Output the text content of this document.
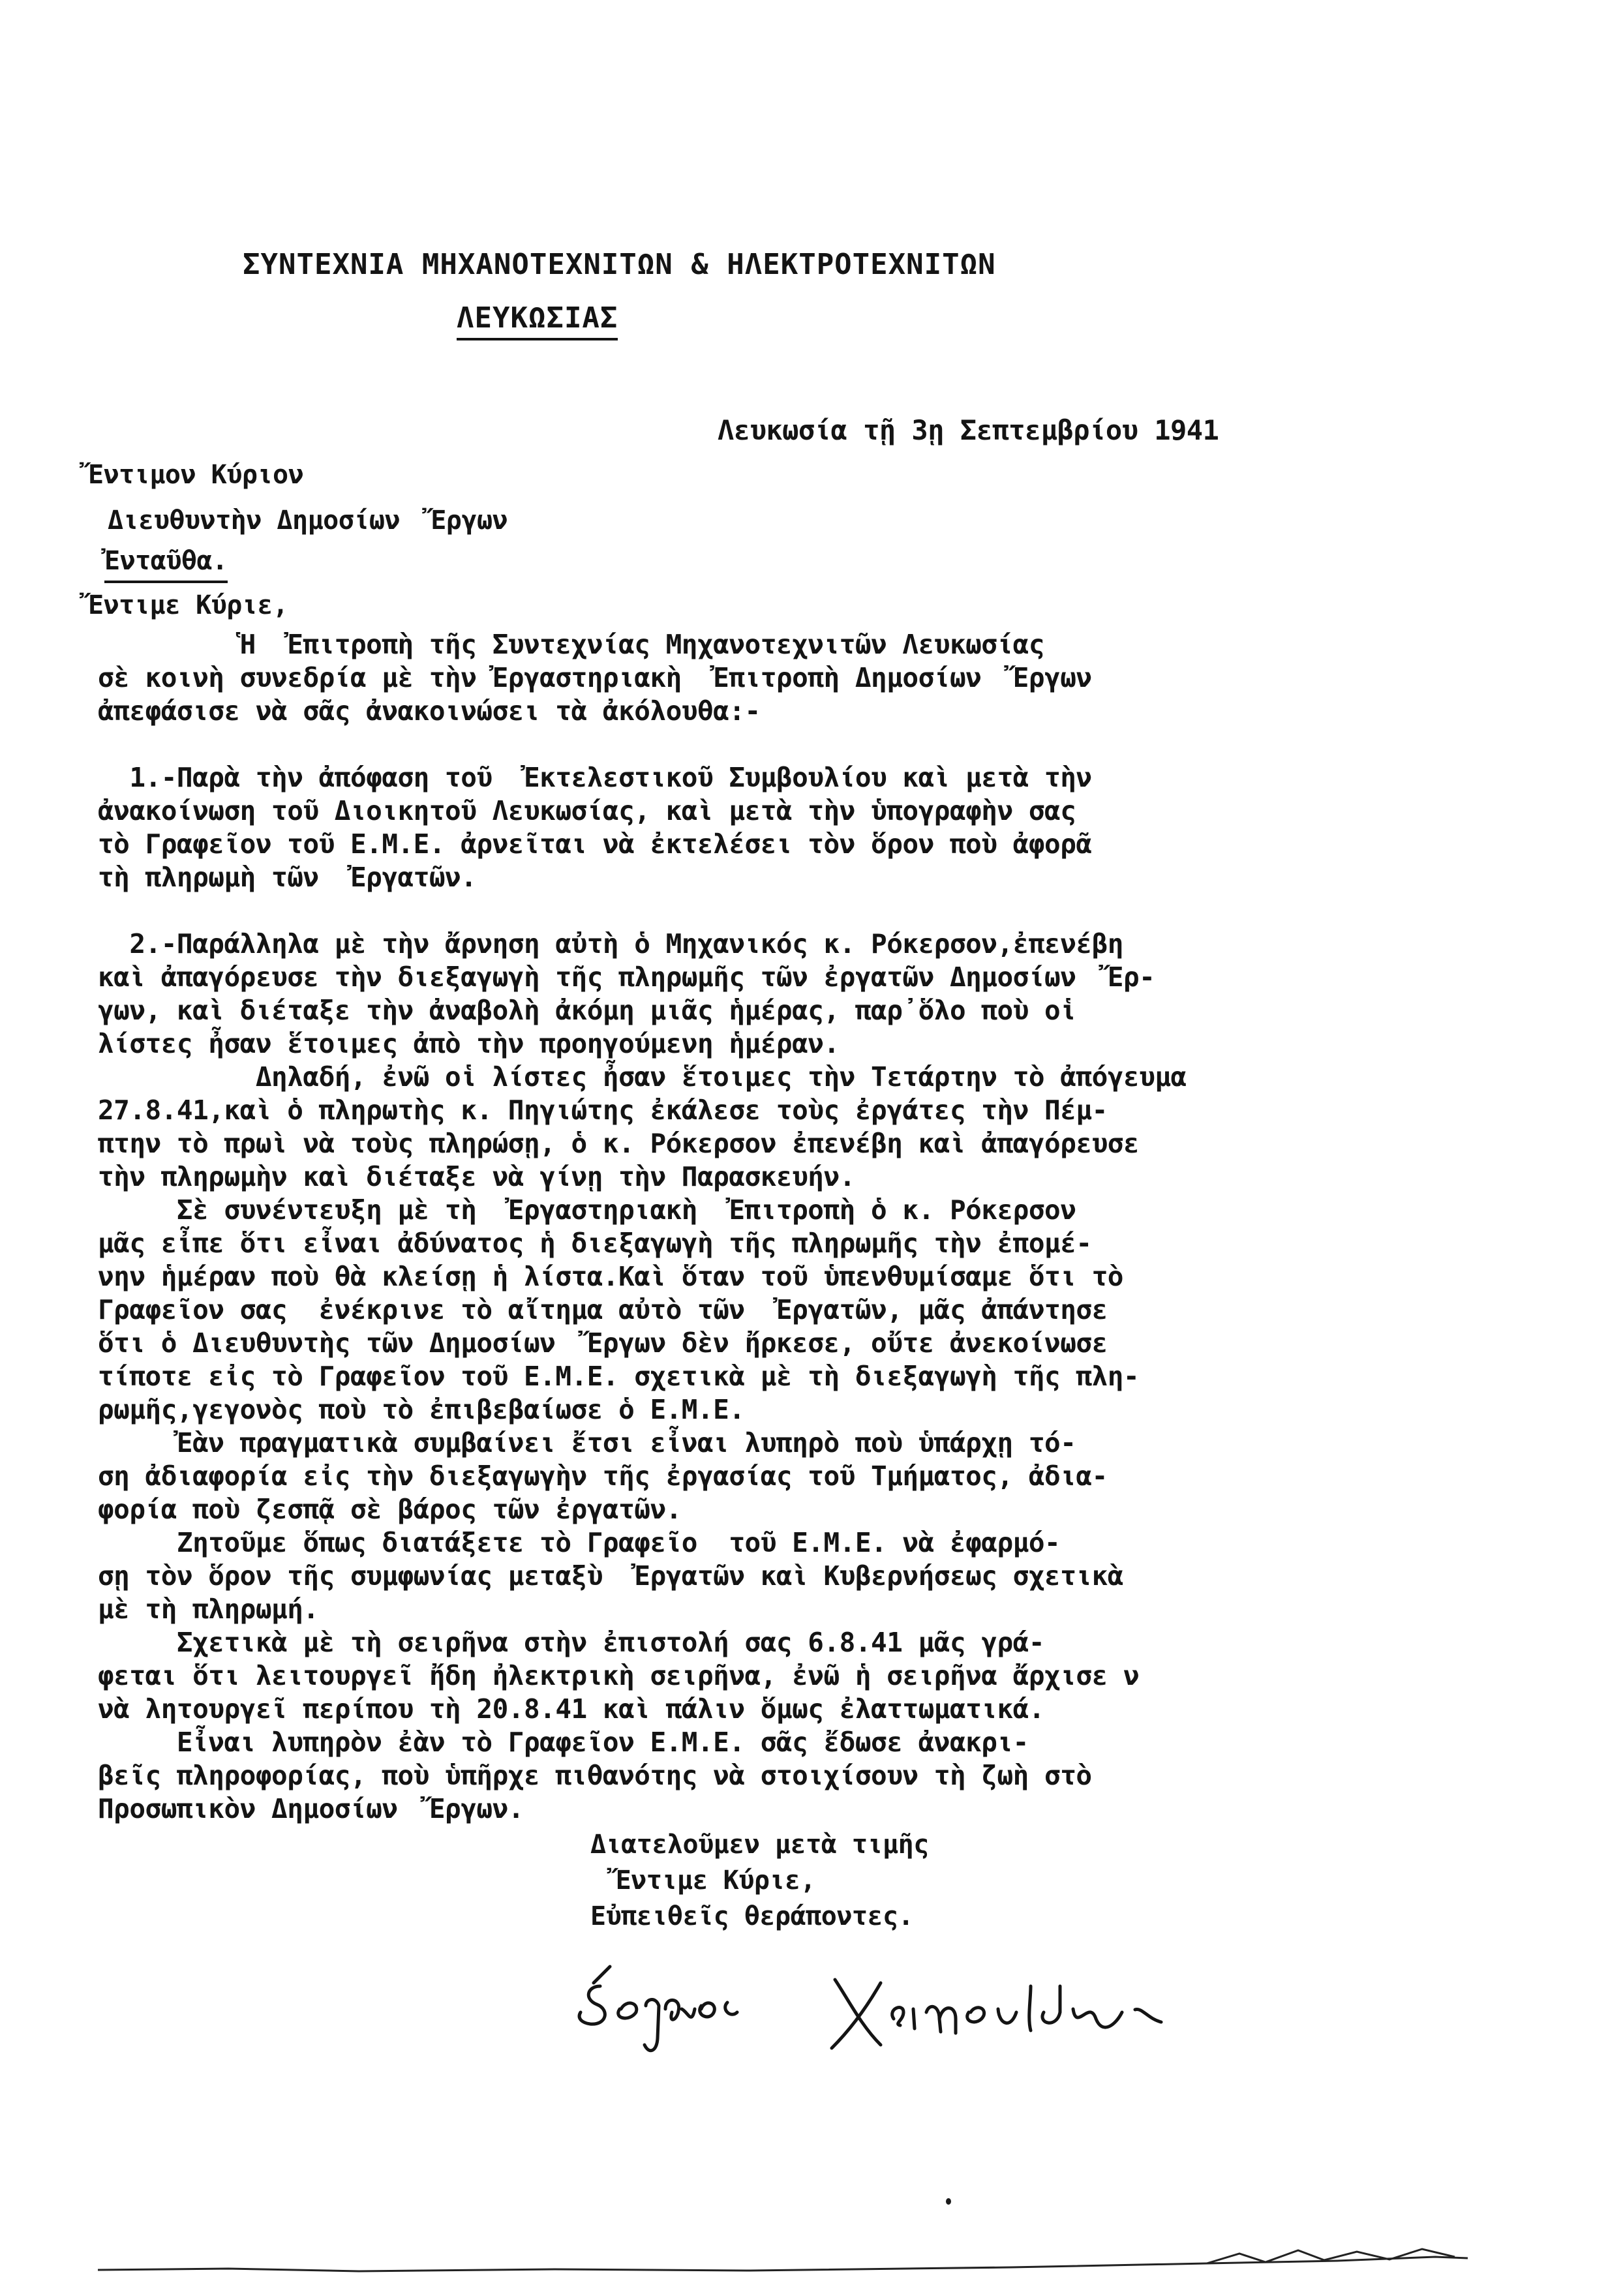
ΣΥΝΤΕΧΝΙΑ ΜΗΧΑΝΟΤΕΧΝΙΤΩΝ & ΗΛΕΚΤΡΟΤΕΧΝΙΤΩΝ
ΛΕΥΚΩΣΙΑΣ
Λευκωσία τῇ 3ῃ Σεπτεμβρίου 1941
Ἔντιμον Κύριον
Διευθυντὴν Δημοσίων  Ἔργων
Ἐνταῦθα.
Ἔντιμε Κύριε,
Ἡ  Ἐπιτροπὴ τῆς Συντεχνίας Μηχανοτεχνιτῶν Λευκωσίας
σὲ κοινὴ συνεδρία μὲ τὴν Ἐργαστηριακὴ  Ἐπιτροπὴ Δημοσίων  Ἔργων
ἀπεφάσισε νὰ σᾶς ἀνακοινώσει τὰ ἀκόλουθα:-
1.-Παρὰ τὴν ἀπόφαση τοῦ  Ἐκτελεστικοῦ Συμβουλίου καὶ μετὰ τὴν
ἀνακοίνωση τοῦ Διοικητοῦ Λευκωσίας, καὶ μετὰ τὴν ὑπογραφὴν σας
τὸ Γραφεῖον τοῦ Ε.Μ.Ε. ἀρνεῖται νὰ ἐκτελέσει τὸν ὅρον ποὺ ἀφορᾶ
τὴ πληρωμὴ τῶν  Ἐργατῶν.
2.-Παράλληλα μὲ τὴν ἄρνηση αὐτὴ ὁ Μηχανικός κ. Ρόκερσον,ἐπενέβη
καὶ ἀπαγόρευσε τὴν διεξαγωγὴ τῆς πληρωμῆς τῶν ἐργατῶν Δημοσίων  Ἔρ-
γων, καὶ διέταξε τὴν ἀναβολὴ ἀκόμη μιᾶς ἡμέρας, παρ᾽ὅλο ποὺ οἱ
λίστες ἦσαν ἕτοιμες ἀπὸ τὴν προηγούμενη ἡμέραν.
Δηλαδή, ἐνῶ οἱ λίστες ἦσαν ἕτοιμες τὴν Τετάρτην τὸ ἀπόγευμα
27.8.41,καὶ ὁ πληρωτὴς κ. Πηγιώτης ἐκάλεσε τοὺς ἐργάτες τὴν Πέμ-
πτην τὸ πρωὶ νὰ τοὺς πληρώσῃ, ὁ κ. Ρόκερσον ἐπενέβη καὶ ἀπαγόρευσε
τὴν πληρωμὴν καὶ διέταξε νὰ γίνῃ τὴν Παρασκευήν.
Σὲ συνέντευξη μὲ τὴ  Ἐργαστηριακὴ  Ἐπιτροπὴ ὁ κ. Ρόκερσον
μᾶς εἶπε ὅτι εἶναι ἀδύνατος ἡ διεξαγωγὴ τῆς πληρωμῆς τὴν ἐπομέ-
νην ἡμέραν ποὺ θὰ κλείσῃ ἡ λίστα.Καὶ ὅταν τοῦ ὑπενθυμίσαμε ὅτι τὸ
Γραφεῖον σας  ἐνέκρινε τὸ αἴτημα αὐτὸ τῶν  Ἐργατῶν, μᾶς ἀπάντησε
ὅτι ὁ Διευθυντὴς τῶν Δημοσίων  Ἔργων δὲν ἤρκεσε, οὔτε ἀνεκοίνωσε
τίποτε εἰς τὸ Γραφεῖον τοῦ Ε.Μ.Ε. σχετικὰ μὲ τὴ διεξαγωγὴ τῆς πλη-
ρωμῆς,γεγονὸς ποὺ τὸ ἐπιβεβαίωσε ὁ Ε.Μ.Ε.
Ἐὰν πραγματικὰ συμβαίνει ἔτσι εἶναι λυπηρὸ ποὺ ὑπάρχῃ τό-
ση ἀδιαφορία εἰς τὴν διεξαγωγὴν τῆς ἐργασίας τοῦ Τμήματος, ἀδια-
φορία ποὺ ζεσπᾷ σὲ βάρος τῶν ἐργατῶν.
Ζητοῦμε ὅπως διατάξετε τὸ Γραφεῖο  τοῦ Ε.Μ.Ε. νὰ ἐφαρμό-
σῃ τὸν ὅρον τῆς συμφωνίας μεταξὺ  Ἐργατῶν καὶ Κυβερνήσεως σχετικὰ
μὲ τὴ πληρωμή.
Σχετικὰ μὲ τὴ σειρῆνα στὴν ἐπιστολή σας 6.8.41 μᾶς γρά-
φεται ὅτι λειτουργεῖ ἤδη ἠλεκτρικὴ σειρῆνα, ἐνῶ ἡ σειρῆνα ἄρχισε ν
νὰ λητουργεῖ περίπου τὴ 20.8.41 καὶ πάλιν ὅμως ἐλαττωματικά.
Εἶναι λυπηρὸν ἐὰν τὸ Γραφεῖον Ε.Μ.Ε. σᾶς ἔδωσε ἀνακρι-
βεῖς πληροφορίας, ποὺ ὑπῆρχε πιθανότης νὰ στοιχίσουν τὴ ζωὴ στὸ
Προσωπικὸν Δημοσίων  Ἔργων.
Διατελοῦμεν μετὰ τιμῆς
Ἔντιμε Κύριε,
Εὐπειθεῖς θεράποντες.
